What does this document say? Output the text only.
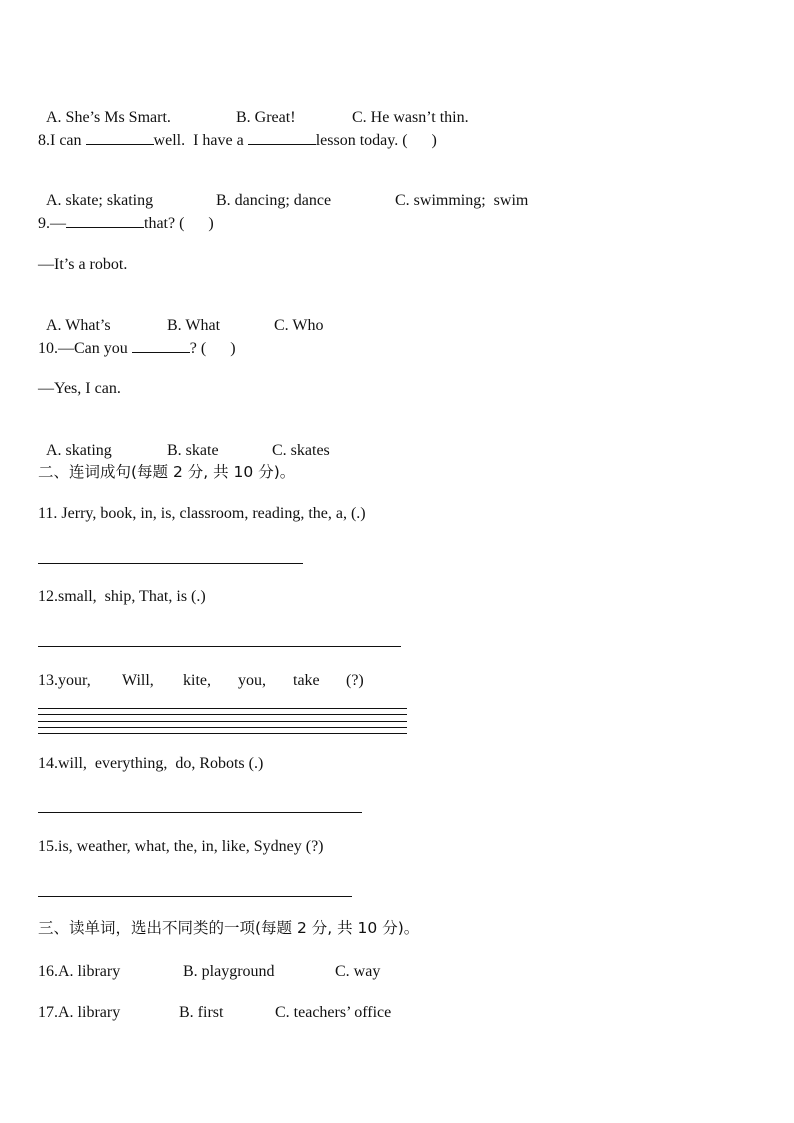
A. She’s Ms Smart.	B. Great!	C. He wasn’t thin.

8.I can	well.  I have a	lesson today. (      )

A. skate; skating	B. dancing; dance	C. swimming;  swim

9.—	that? (      )
—It’s a robot.

A. What’s	B. What	C. Who

10.—Can you	? (      )
—Yes, I can.

A. skating	B. skate	C. skates

二、连词成句(每题 2 分, 共 10 分)。
11. Jerry, book, in, is, classroom, reading, the, a, (.)
12.small,  ship, That, is (.)
13.your, Will, kite, you, take (?)
14.will,  everything,  do, Robots (.)
15.is, weather, what, the, in, like, Sydney (?)
三、读单词，选出不同类的一项(每题 2 分, 共 10 分)。
16.A. library	B. playground	C. way
17.A. library	B. first	C. teachers’ office
